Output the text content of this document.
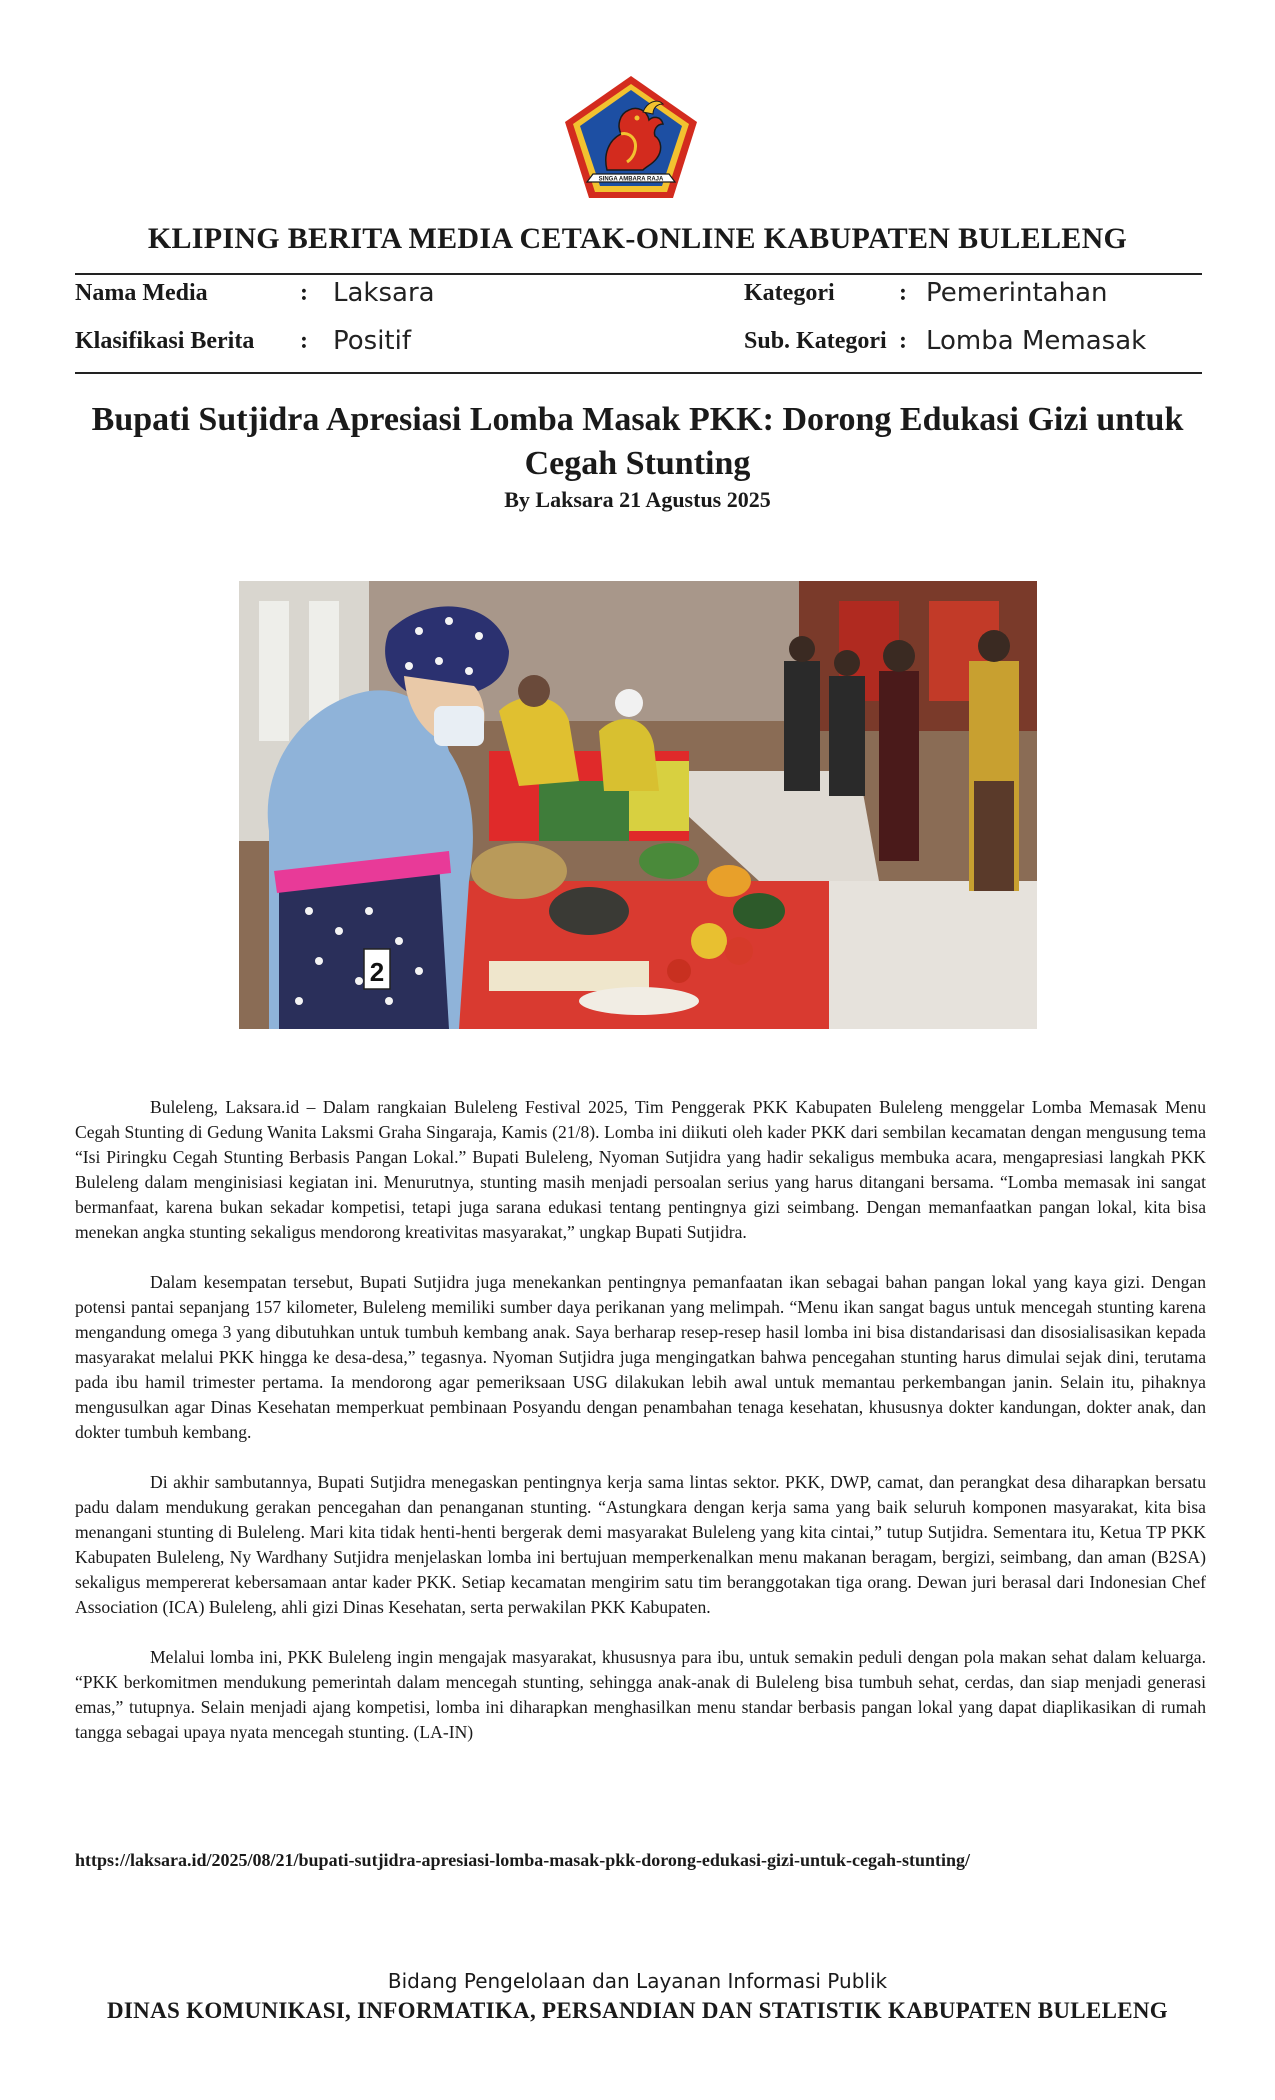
SINGA AMBARA RAJA
KLIPING BERITA MEDIA CETAK-ONLINE KABUPATEN BULELENG
Nama Media	: Laksara
Klasifikasi Berita : Positif
Kategori	: Pemerintahan
Sub. Kategori : Lomba Memasak
Bupati Sutjidra Apresiasi Lomba Masak PKK: Dorong Edukasi Gizi untuk Cegah Stunting
By Laksara 21 Agustus 2025
2

Buleleng, Laksara.id – Dalam rangkaian Buleleng Festival 2025, Tim Penggerak PKK Kabupaten Buleleng menggelar Lomba Memasak Menu Cegah Stunting di Gedung Wanita Laksmi Graha Singaraja, Kamis (21/8). Lomba ini diikuti oleh kader PKK dari sembilan kecamatan dengan mengusung tema “Isi Piringku Cegah Stunting Berbasis Pangan Lokal.” Bupati Buleleng, Nyoman Sutjidra yang hadir sekaligus membuka acara, mengapresiasi langkah PKK Buleleng dalam menginisiasi kegiatan ini. Menurutnya, stunting masih menjadi persoalan serius yang harus ditangani bersama. “Lomba memasak ini sangat bermanfaat, karena bukan sekadar kompetisi, tetapi juga sarana edukasi tentang pentingnya gizi seimbang. Dengan memanfaatkan pangan lokal, kita bisa menekan angka stunting sekaligus mendorong kreativitas masyarakat,” ungkap Bupati Sutjidra.

Dalam kesempatan tersebut, Bupati Sutjidra juga menekankan pentingnya pemanfaatan ikan sebagai bahan pangan lokal yang kaya gizi. Dengan potensi pantai sepanjang 157 kilometer, Buleleng memiliki sumber daya perikanan yang melimpah. “Menu ikan sangat bagus untuk mencegah stunting karena mengandung omega 3 yang dibutuhkan untuk tumbuh kembang anak. Saya berharap resep-resep hasil lomba ini bisa distandarisasi dan disosialisasikan kepada masyarakat melalui PKK hingga ke desa-desa,” tegasnya. Nyoman Sutjidra juga mengingatkan bahwa pencegahan stunting harus dimulai sejak dini, terutama pada ibu hamil trimester pertama. Ia mendorong agar pemeriksaan USG dilakukan lebih awal untuk memantau perkembangan janin. Selain itu, pihaknya mengusulkan agar Dinas Kesehatan memperkuat pembinaan Posyandu dengan penambahan tenaga kesehatan, khususnya dokter kandungan, dokter anak, dan dokter tumbuh kembang.

Di akhir sambutannya, Bupati Sutjidra menegaskan pentingnya kerja sama lintas sektor. PKK, DWP, camat, dan perangkat desa diharapkan bersatu padu dalam mendukung gerakan pencegahan dan penanganan stunting. “Astungkara dengan kerja sama yang baik seluruh komponen masyarakat, kita bisa menangani stunting di Buleleng. Mari kita tidak henti-henti bergerak demi masyarakat Buleleng yang kita cintai,” tutup Sutjidra. Sementara itu, Ketua TP PKK Kabupaten Buleleng, Ny Wardhany Sutjidra menjelaskan lomba ini bertujuan memperkenalkan menu makanan beragam, bergizi, seimbang, dan aman (B2SA) sekaligus mempererat kebersamaan antar kader PKK. Setiap kecamatan mengirim satu tim beranggotakan tiga orang. Dewan juri berasal dari Indonesian Chef Association (ICA) Buleleng, ahli gizi Dinas Kesehatan, serta perwakilan PKK Kabupaten.

Melalui lomba ini, PKK Buleleng ingin mengajak masyarakat, khususnya para ibu, untuk semakin peduli dengan pola makan sehat dalam keluarga. “PKK berkomitmen mendukung pemerintah dalam mencegah stunting, sehingga anak-anak di Buleleng bisa tumbuh sehat, cerdas, dan siap menjadi generasi emas,” tutupnya. Selain menjadi ajang kompetisi, lomba ini diharapkan menghasilkan menu standar berbasis pangan lokal yang dapat diaplikasikan di rumah tangga sebagai upaya nyata mencegah stunting. (LA-IN)

https://laksara.id/2025/08/21/bupati-sutjidra-apresiasi-lomba-masak-pkk-dorong-edukasi-gizi-untuk-cegah-stunting/
Bidang Pengelolaan dan Layanan Informasi Publik
DINAS KOMUNIKASI, INFORMATIKA, PERSANDIAN DAN STATISTIK KABUPATEN BULELENG
